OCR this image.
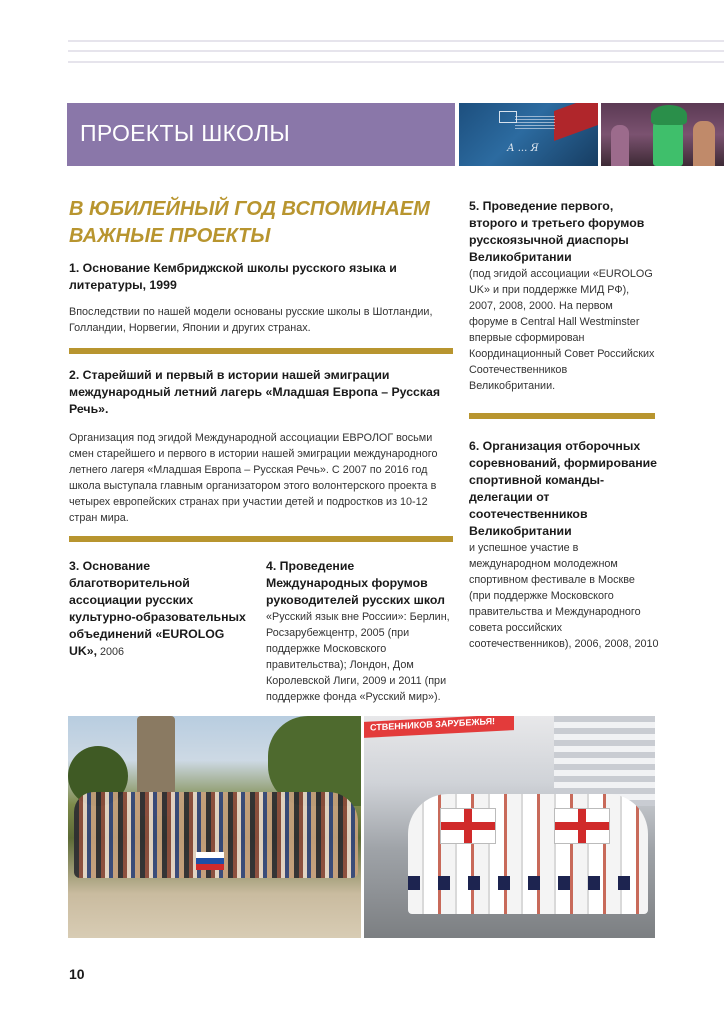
ПРОЕКТЫ ШКОЛЫ
А ... Я
В ЮБИЛЕЙНЫЙ ГОД ВСПОМИНАЕМ
ВАЖНЫЕ ПРОЕКТЫ

1. Основание Кембриджской школы русского языка и литературы, 1999

Впоследствии по нашей модели основаны русские школы в Шотландии, Голландии, Норвегии, Японии и других странах.

2. Старейший и первый в истории нашей эмиграции международный летний лагерь «Младшая Европа – Русская Речь».

Организация под эгидой Международной ассоциации ЕВРОЛОГ восьми смен старейшего и первого в истории нашей эмиграции международного летнего лагеря «Младшая Европа – Русская Речь». С 2007 по 2016 год школа выступала главным организатором этого волонтерского проекта в четырех европейских странах при участии детей и подростков из 10-12 стран мира.

3. Основание благотворительной ассоциации русских культурно-образовательных объединений «EUROLOG UK», 2006
4. Проведение Международных форумов руководителей русских школ
«Русский язык вне России»: Берлин, Росзарубежцентр, 2005 (при поддержке Московского правительства); Лондон, Дом Королевской Лиги, 2009 и 2011 (при поддержке фонда «Русский мир»).
5. Проведение первого, второго и третьего форумов русскоязычной диаспоры Великобритании
(под эгидой ассоциации «EUROLOG UK» и при поддержке МИД РФ), 2007, 2008, 2000. На первом форуме в Central Hall Westminster впервые сформирован Координационный Совет Российских Соотечественников Великобритании.
6. Организация отборочных соревнований, формирование спортивной команды-делегации от соотечественников Великобритании
и успешное участие в международном молодежном спортивном фестивале в Москве (при поддержке Московского правительства и Международного совета российских соотечественников), 2006, 2008, 2010
СТВЕННИКОВ ЗАРУБЕЖЬЯ!
10
